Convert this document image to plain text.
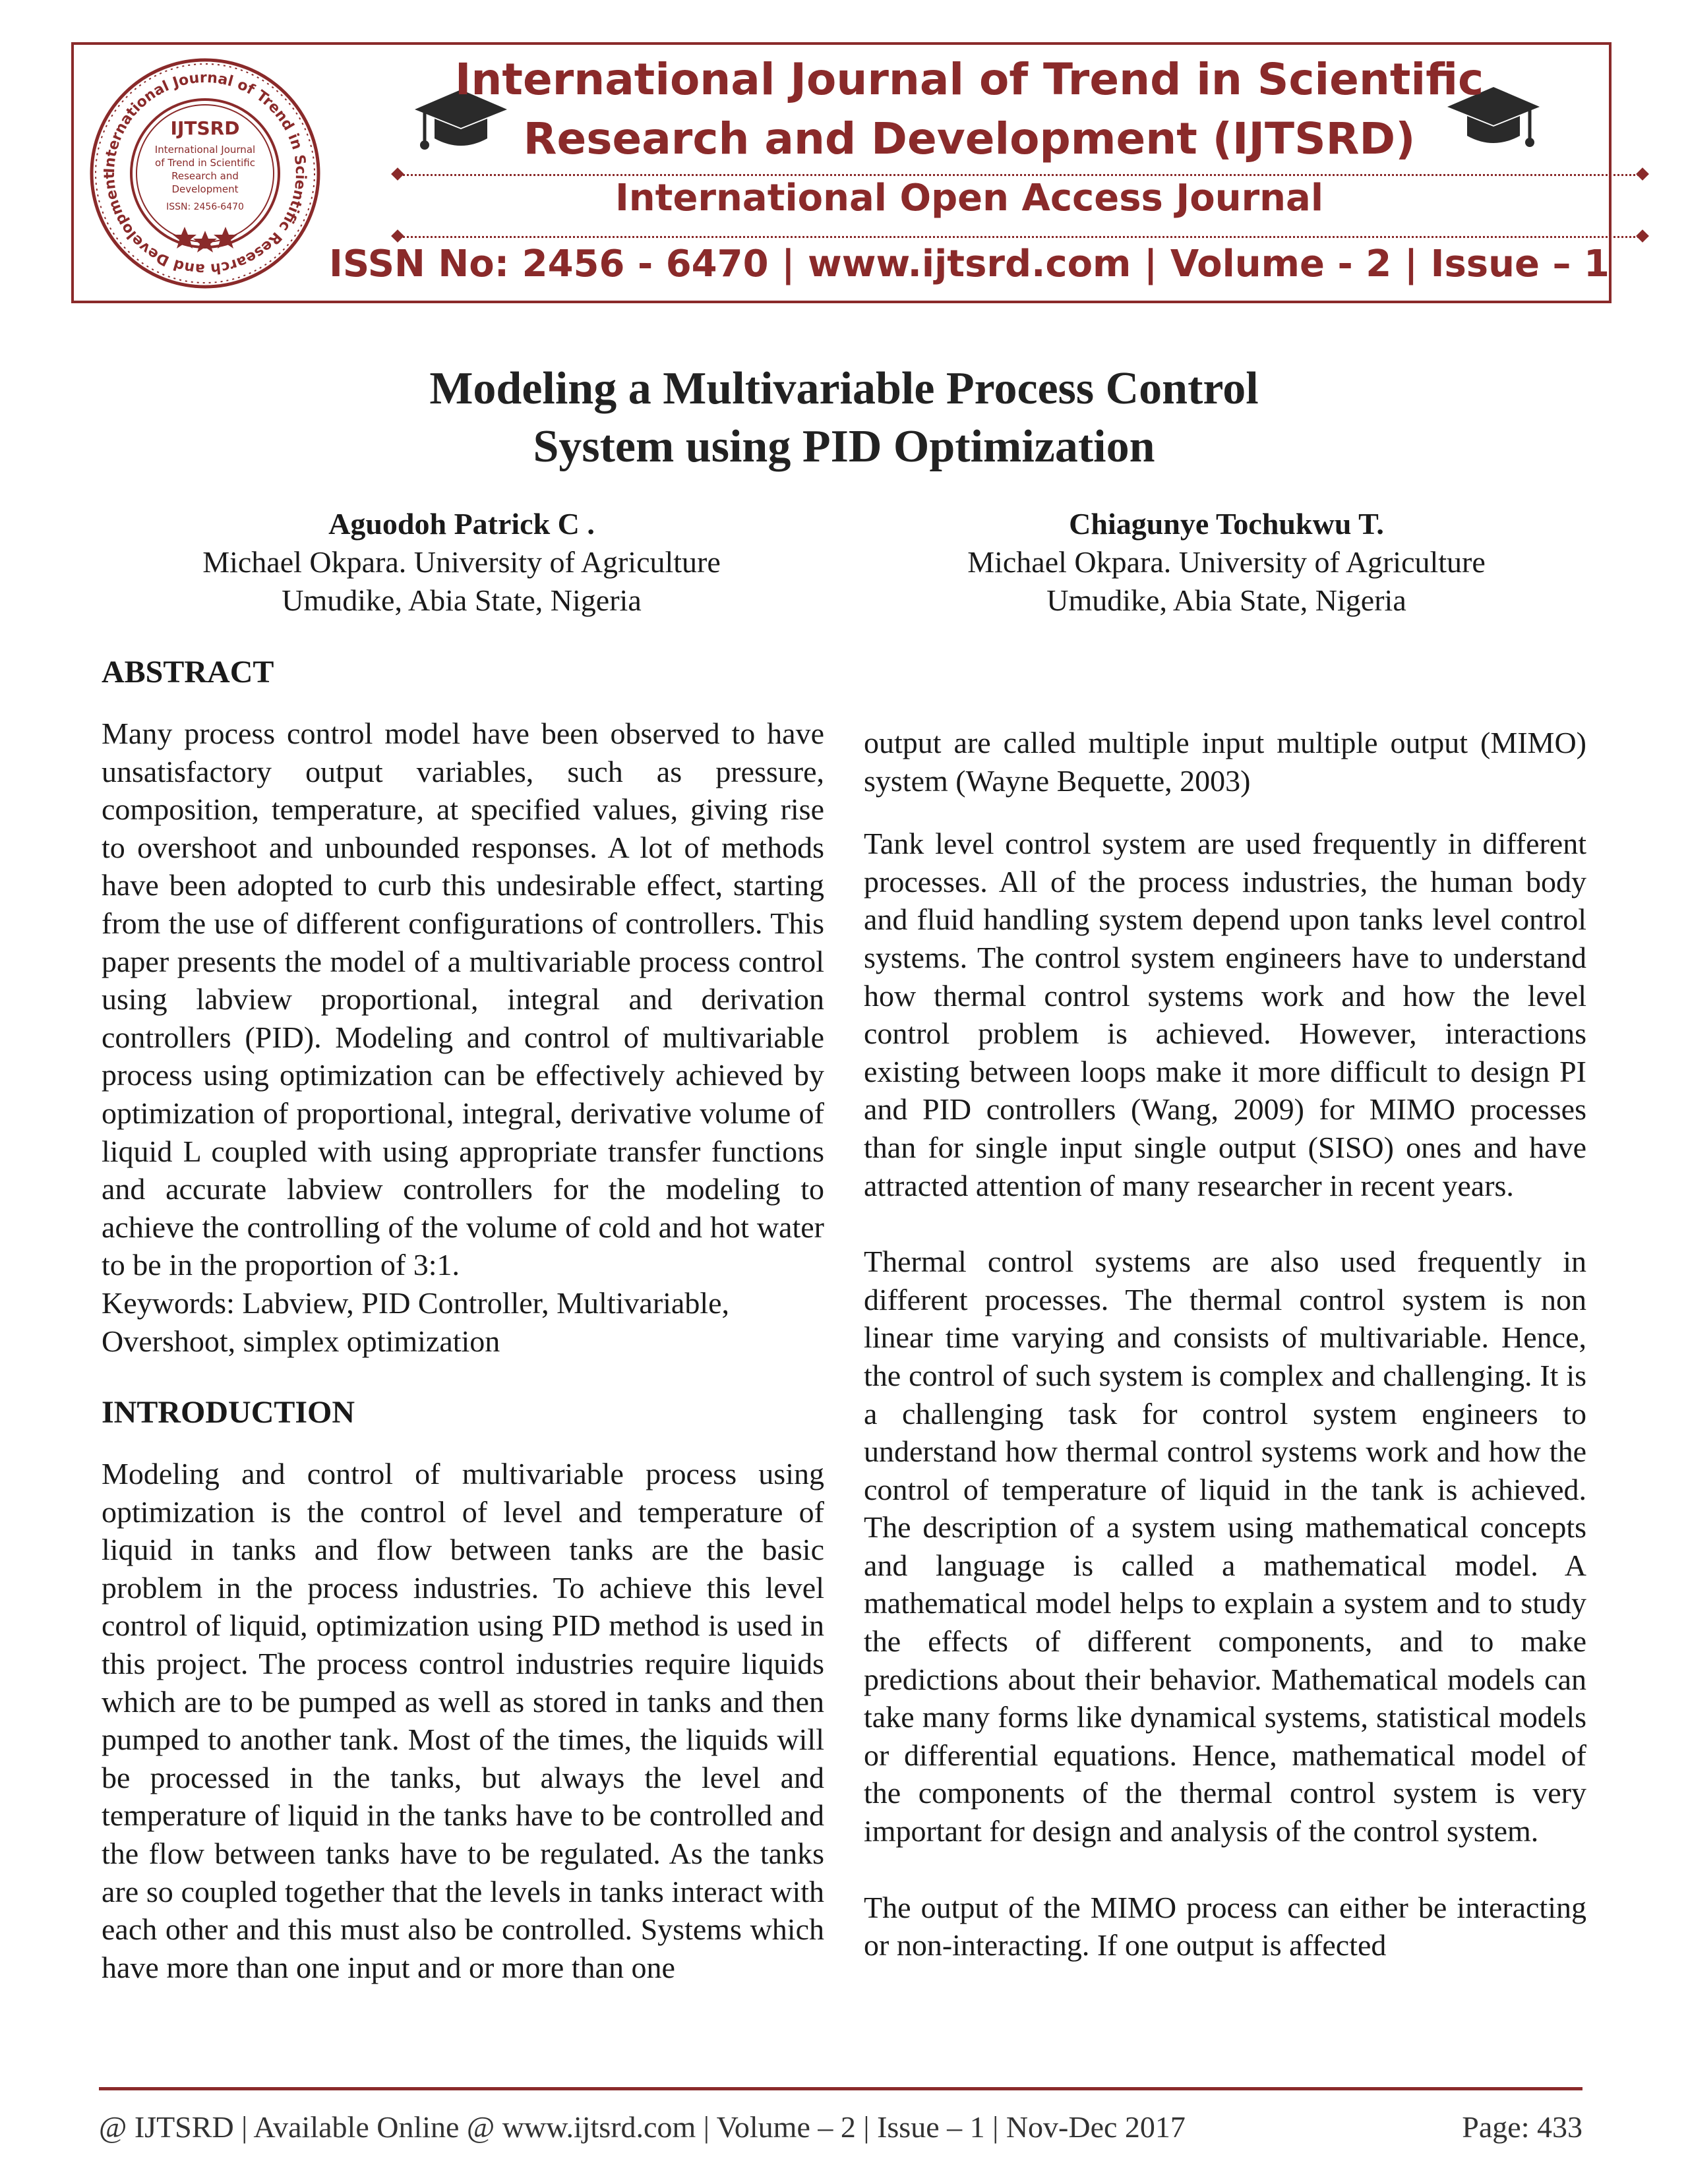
International Journal of Trend in Scientific Research and Development
IJTSRD
International Journal
of Trend in Scientific
Research and
Development
ISSN: 2456-6470
International Journal of Trend in Scientific
Research and Development (IJTSRD)
International Open Access Journal
ISSN No: 2456 - 6470 | www.ijtsrd.com | Volume - 2 | Issue – 1
Modeling a Multivariable Process Control
System using PID Optimization
Aguodoh Patrick C .
Michael Okpara. University of Agriculture
Umudike, Abia State, Nigeria
Chiagunye Tochukwu T.
Michael Okpara. University of Agriculture
Umudike, Abia State, Nigeria
ABSTRACT

Many process control model have been observed to have unsatisfactory output variables, such as pressure, composition, temperature, at specified values, giving rise to overshoot and unbounded responses. A lot of methods have been adopted to curb this undesirable effect, starting from the use of different configurations of controllers. This paper presents the model of a multivariable process control using labview proportional, integral and derivation controllers (PID). Modeling and control of multivariable process using optimization can be effectively achieved by optimization of proportional, integral, derivative volume of liquid L coupled with using appropriate transfer functions and accurate labview controllers for the modeling to achieve the controlling of the volume of cold and hot water to be in the proportion of 3:1.

Keywords: Labview, PID Controller, Multivariable, Overshoot, simplex optimization

INTRODUCTION

Modeling and control of multivariable process using optimization is the control of level and temperature of liquid in tanks and flow between tanks are the basic problem in the process industries. To achieve this level control of liquid, optimization using PID method is used in this project. The process control industries require liquids which are to be pumped as well as stored in tanks and then pumped to another tank. Most of the times, the liquids will be processed in the tanks, but always the level and temperature of liquid in the tanks have to be controlled and the flow between tanks have to be regulated. As the tanks are so coupled together that the levels in tanks interact with each other and this must also be controlled. Systems which have more than one input and or more than one

output are called multiple input multiple output (MIMO) system (Wayne Bequette, 2003)

Tank level control system are used frequently in different processes. All of the process industries, the human body and fluid handling system depend upon tanks level control systems. The control system engineers have to understand how thermal control systems work and how the level control problem is achieved. However, interactions existing between loops make it more difficult to design PI and PID controllers (Wang, 2009) for MIMO processes than for single input single output (SISO) ones and have attracted attention of many researcher in recent years.

Thermal control systems are also used frequently in different processes. The thermal control system is non linear time varying and consists of multivariable. Hence, the control of such system is complex and challenging. It is a challenging task for control system engineers to understand how thermal control systems work and how the control of temperature of liquid in the tank is achieved. The description of a system using mathematical concepts and language is called a mathematical model. A mathematical model helps to explain a system and to study the effects of different components, and to make predictions about their behavior. Mathematical models can take many forms like dynamical systems, statistical models or differential equations. Hence, mathematical model of the components of the thermal control system is very important for design and analysis of the control system.

The output of the MIMO process can either be interacting or non-interacting. If one output is affected

@ IJTSRD | Available Online @ www.ijtsrd.com | Volume – 2 | Issue – 1 | Nov-Dec 2017	Page: 433
